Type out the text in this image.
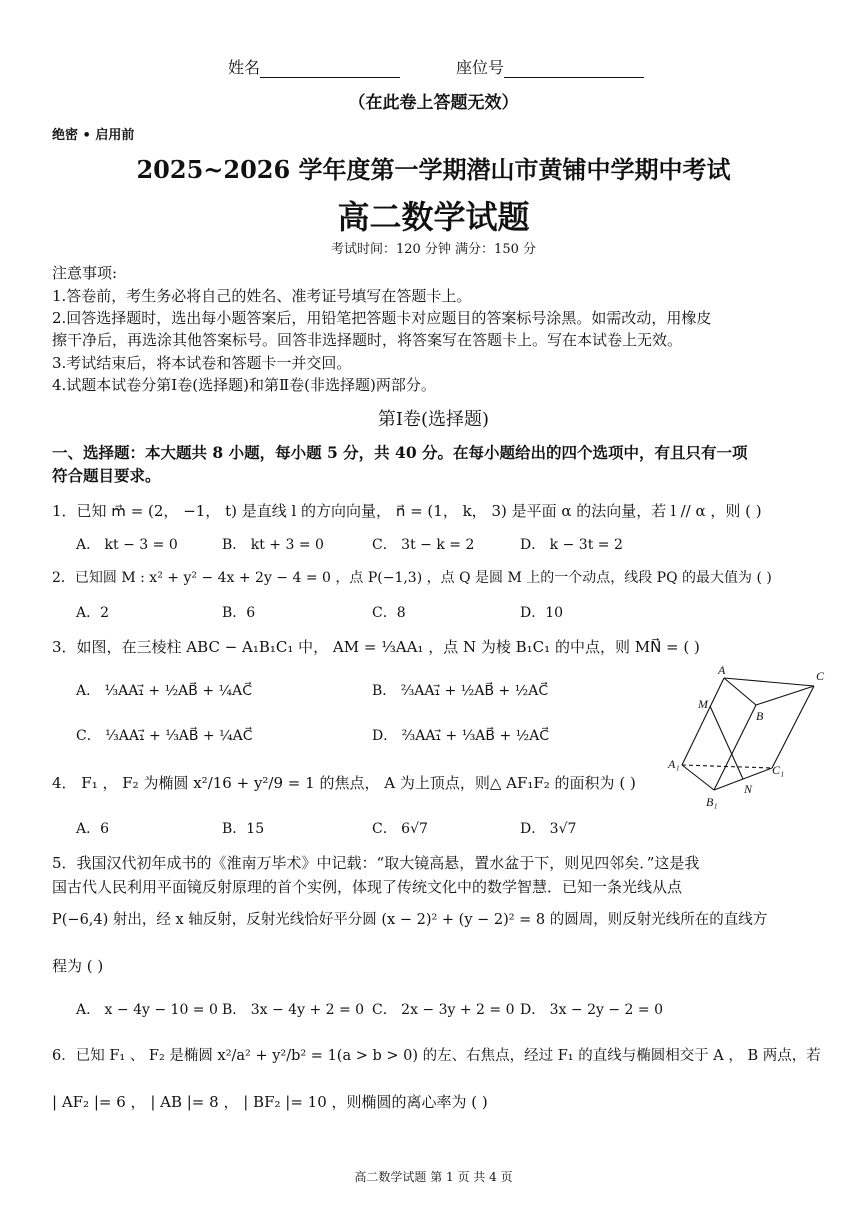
姓名	座位号
（在此卷上答题无效）
绝密 • 启用前
2025~2026 学年度第一学期潜山市黄铺中学期中考试
高二数学试题
考试时间：120 分钟 满分：150 分
注意事项:
1.答卷前，考生务必将自己的姓名、准考证号填写在答题卡上。
2.回答选择题时，选出每小题答案后，用铅笔把答题卡对应题目的答案标号涂黑。如需改动，用橡皮
擦干净后，再选涂其他答案标号。回答非选择题时，将答案写在答题卡上。写在本试卷上无效。
3.考试结束后，将本试卷和答题卡一并交回。
4.试题本试卷分第Ⅰ卷(选择题)和第Ⅱ卷(非选择题)两部分。
第Ⅰ卷(选择题)
一、选择题：本大题共 8 小题，每小题 5 分，共 40 分。在每小题给出的四个选项中，有且只有一项
符合题目要求。
1．已知 m⃗ = (2， −1， t) 是直线 l 的方向向量， n⃗ = (1， k， 3) 是平面 α 的法向量，若 l // α ，则 ( )
A． kt − 3 = 0	B． kt + 3 = 0	C． 3t − k = 2	D． k − 3t = 2
2．已知圆 M : x² + y² − 4x + 2y − 4 = 0 ，点 P(−1,3) ，点 Q 是圆 M 上的一个动点，线段 PQ 的最大值为 ( )
A．2	B．6	C．8	D．10
3．如图，在三棱柱 ABC − A₁B₁C₁ 中， AM = ⅓AA₁ ，点 N 为棱 B₁C₁ 的中点，则 MN⃗ = ( )
A． ⅓AA₁⃗ + ½AB⃗ + ¼AC⃗	B． ⅔AA₁⃗ + ½AB⃗ + ½AC⃗
C． ⅓AA₁⃗ + ⅓AB⃗ + ¼AC⃗	D． ⅔AA₁⃗ + ⅓AB⃗ + ½AC⃗
A	C
M
B
A₁	C₁
N
B₁
4． F₁ ， F₂ 为椭圆 x²/16 + y²/9 = 1 的焦点， A 为上顶点，则△ AF₁F₂ 的面积为 ( )
A．6	B．15	C． 6√7	D． 3√7
5．我国汉代初年成书的《淮南万毕术》中记载：“取大镜高悬，置水盆于下，则见四邻矣．”这是我
国古代人民利用平面镜反射原理的首个实例，体现了传统文化中的数学智慧．已知一条光线从点
P(−6,4) 射出，经 x 轴反射，反射光线恰好平分圆 (x − 2)² + (y − 2)² = 8 的圆周，则反射光线所在的直线方
程为 ( )
A． x − 4y − 10 = 0 B． 3x − 4y + 2 = 0 C． 2x − 3y + 2 = 0 D． 3x − 2y − 2 = 0
6．已知 F₁ 、 F₂ 是椭圆 x²/a² + y²/b² = 1(a > b > 0) 的左、右焦点，经过 F₁ 的直线与椭圆相交于 A ， B 两点，若
| AF₂ |= 6 ， | AB |= 8 ， | BF₂ |= 10 ，则椭圆的离心率为 ( )
高二数学试题 第 1 页 共 4 页
